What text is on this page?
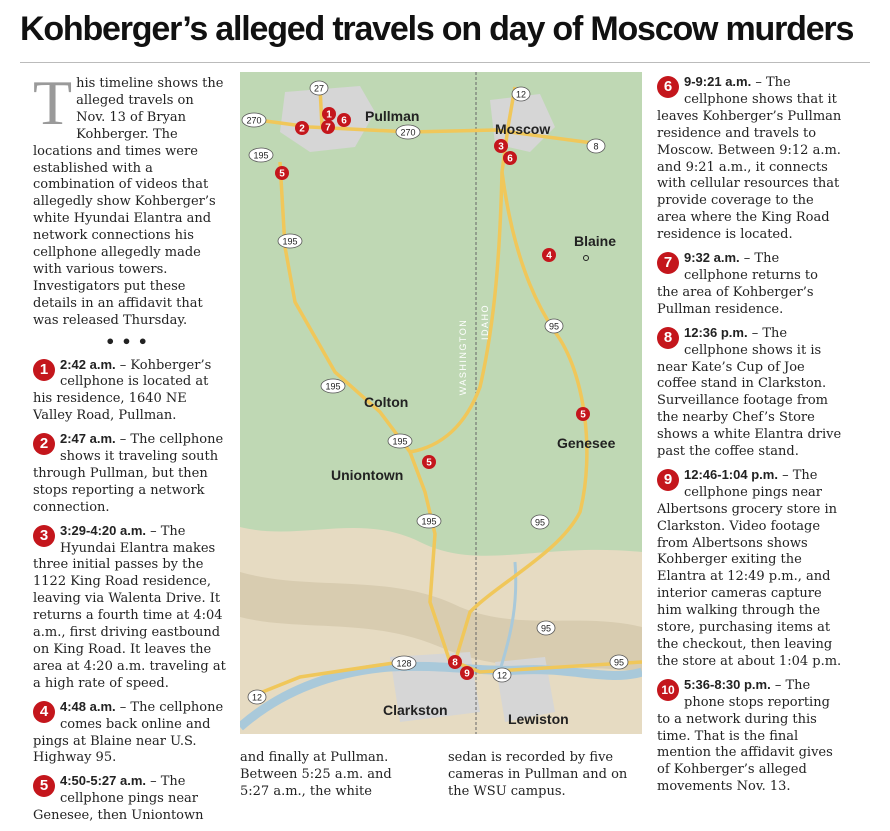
Kohberger’s alleged travels on day of Moscow murders

This timeline shows the alleged travels on Nov. 13 of Bryan Kohberger. The locations and times were established with a combination of videos that allegedly show Kohberger’s white Hyundai Elantra and network connections his cellphone allegedly made with various towers. Investigators put these details in an affidavit that was released Thursday.

•••
1 2:42 a.m. – Kohberger’s cellphone is located at his residence, 1640 NE Valley Road, Pullman.
2 2:47 a.m. – The cellphone shows it traveling south through Pullman, but then stops reporting a network connection.
3 3:29-4:20 a.m. – The Hyundai Elantra makes three initial passes by the 1122 King Road residence, leaving via Walenta Drive. It returns a fourth time at 4:04 a.m., first driving eastbound on King Road. It leaves the area at 4:20 a.m. traveling at a high rate of speed.
4 4:48 a.m. – The cellphone comes back online and pings at Blaine near U.S. Highway 95.
5 4:50-5:27 a.m. – The cellphone pings near Genesee, then Uniontown
6 9-9:21 a.m. – The cellphone shows that it leaves Kohberger’s Pullman residence and travels to Moscow. Between 9:12 a.m. and 9:21 a.m., it connects with cellular resources that provide coverage to the area where the King Road residence is located.
7 9:32 a.m. – The cellphone returns to the area of Kohberger’s Pullman residence.
8 12:36 p.m. – The cellphone shows it is near Kate’s Cup of Joe coffee stand in Clarkston. Surveillance footage from the nearby Chef’s Store shows a white Elantra drive past the coffee stand.
9 12:46-1:04 p.m. – The cellphone pings near Albertsons grocery store in Clarkston. Video footage from Albertsons shows Kohberger exiting the Elantra at 12:49 p.m., and interior cameras capture him walking through the store, purchasing items at the checkout, then leaving the store at about 1:04 p.m.
10 5:36-8:30 p.m. – The phone stops reporting to a network during this time. That is the final mention the affidavit gives of Kohberger’s alleged movements Nov. 13.
27
270
270
195
195
195
195
195
12
8
95
95
95
95
128
12
12
Pullman
Moscow
Blaine
Colton
Genesee
Uniontown
Clarkston
Lewiston
WASHINGTON IDAHO
1
2 7
6
5
3
6
4
5
5
8
9
and finally at Pullman. Between 5:25 a.m. and 5:27 a.m., the white
sedan is recorded by five cameras in Pullman and on the WSU campus.
